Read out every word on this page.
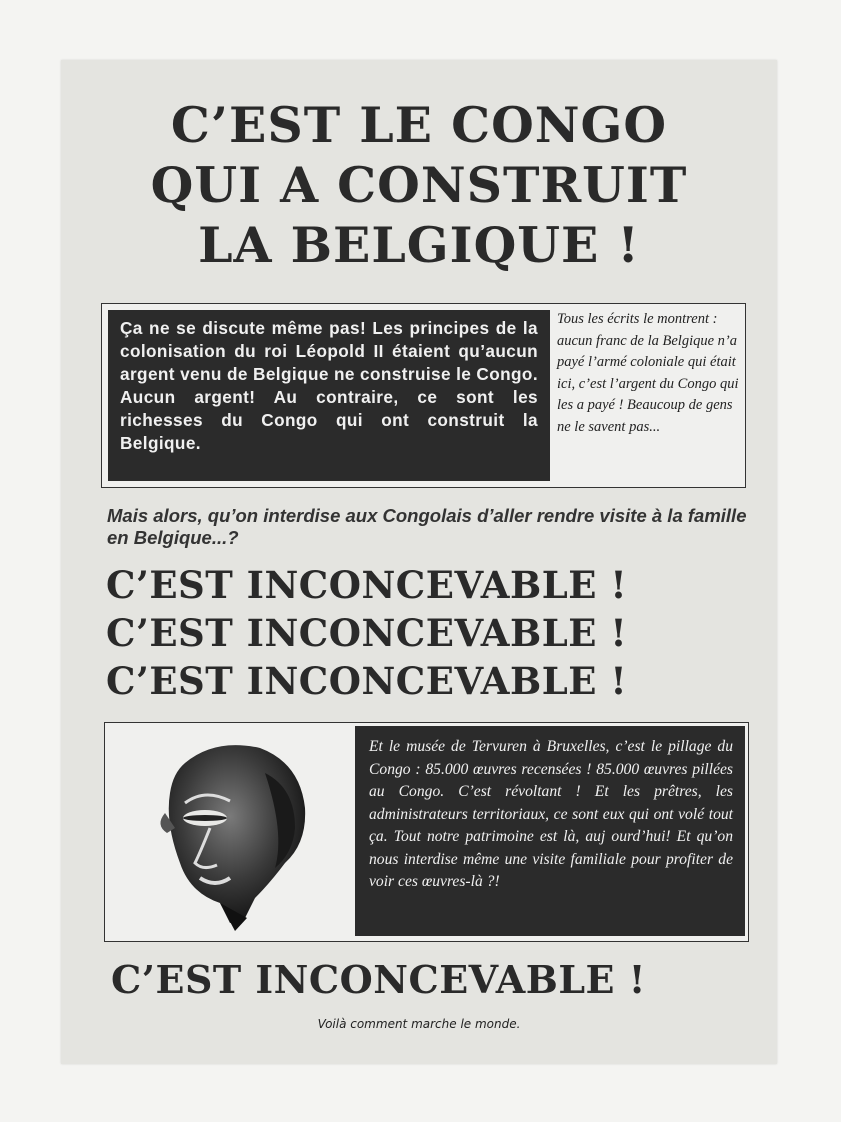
C’EST LE CONGO
QUI A CONSTRUIT
LA BELGIQUE !
Ça ne se discute même pas! Les principes de la colonisation du roi Léopold II étaient qu’aucun argent venu de Belgique ne construise le Congo. Aucun argent! Au contraire, ce sont les richesses du Congo qui ont construit la Belgique.
Tous les écrits le montrent : aucun franc de la Belgique n’a payé l’armé coloniale qui était ici, c’est l’argent du Congo qui les a payé ! Beaucoup de gens ne le savent pas...
Mais alors, qu’on interdise aux Congolais d’aller rendre visite à la famille en Belgique...?
C’EST INCONCEVABLE !
C’EST INCONCEVABLE !
C’EST INCONCEVABLE !
Et le musée de Tervuren à Bruxelles, c’est le pillage du Congo : 85.000 œuvres recensées ! 85.000 œuvres pillées au Congo. C’est révoltant ! Et les prêtres, les administrateurs territoriaux, ce sont eux qui ont volé tout ça. Tout notre patrimoine est là, auj ourd’hui! Et qu’on nous interdise même une visite familiale pour profiter de voir ces œuvres-là ?!
C’EST INCONCEVABLE !
Voilà comment marche le monde.
